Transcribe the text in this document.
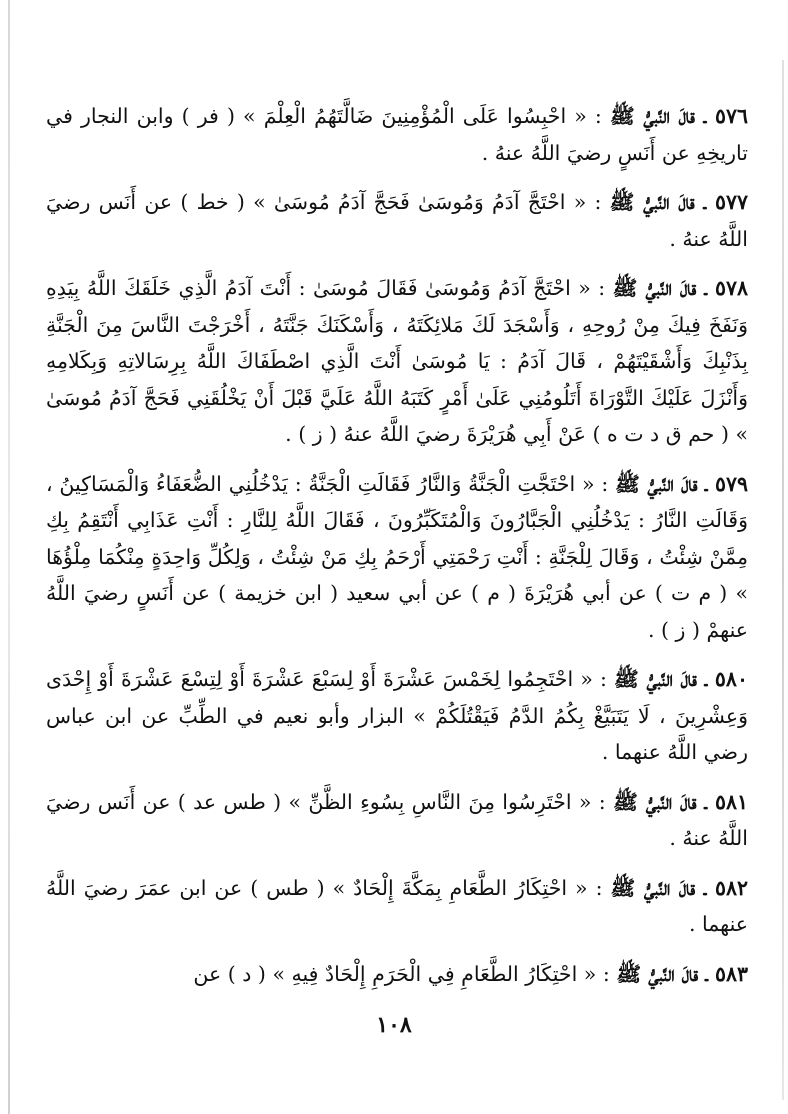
٥٧٦ ـ قالَ النَّبيُّ ﷺ : « احْبِسُوا عَلَى الْمُؤْمِنِينَ ضَالَّتَهُمُ الْعِلْمَ » ( فر ) وابن النجار في تاريخِهِ عن أَنَسٍ رضيَ اللَّهُ عنهُ .

٥٧٧ ـ قالَ النَّبيُّ ﷺ : « احْتَجَّ آدَمُ وَمُوسَىٰ فَحَجَّ آدَمُ مُوسَىٰ » ( خط ) عن أَنَس رضيَ اللَّهُ عنهُ .

٥٧٨ ـ قالَ النَّبيُّ ﷺ : « احْتَجَّ آدَمُ وَمُوسَىٰ فَقَالَ مُوسَىٰ : أَنْتَ آدَمُ الَّذِي خَلَقَكَ اللَّهُ بِيَدِهِ وَنَفَخَ فِيكَ مِنْ رُوحِهِ ، وَأَسْجَدَ لَكَ مَلائِكَتَهُ ، وَأَسْكَنَكَ جَنَّتَهُ ، أَخْرَجْتَ النَّاسَ مِنَ الْجَنَّةِ بِذَنْبِكَ وَأَشْقَيْتَهُمْ ، قَالَ آدَمُ : يَا مُوسَىٰ أَنْتَ الَّذِي اصْطَفَاكَ اللَّهُ بِرِسَالاتِهِ وَبِكَلامِهِ وَأَنْزَلَ عَلَيْكَ التَّوْرَاةَ أَتَلُومُنِي عَلَىٰ أَمْرٍ كَتَبَهُ اللَّهُ عَلَيَّ قَبْلَ أَنْ يَخْلُقَنِي فَحَجَّ آدَمُ مُوسَىٰ » ( حم ق د ت ه ) عَنْ أَبِي هُرَيْرَةَ رضيَ اللَّهُ عنهُ ( ز ) .

٥٧٩ ـ قالَ النَّبيُّ ﷺ : « احْتَجَّتِ الْجَنَّةُ وَالنَّارُ فَقَالَتِ الْجَنَّةُ : يَدْخُلُنِي الضُّعَفَاءُ وَالْمَسَاكِينُ ، وَقَالَتِ النَّارُ : يَدْخُلُنِي الْجَبَّارُونَ وَالْمُتَكَبِّرُونَ ، فَقَالَ اللَّهُ لِلنَّارِ : أَنْتِ عَذَابِي أَنْتَقِمُ بِكِ مِمَّنْ شِئْتُ ، وَقَالَ لِلْجَنَّةِ : أَنْتِ رَحْمَتِي أَرْحَمُ بِكِ مَنْ شِئْتُ ، وَلِكُلِّ وَاحِدَةٍ مِنْكُمَا مِلْؤُهَا » ( م ت ) عن أبي هُرَيْرَةَ ( م ) عن أبي سعيد ( ابن خزيمة ) عن أَنَسٍ رضيَ اللَّهُ عنهمْ ( ز ) .

٥٨٠ ـ قالَ النَّبيُّ ﷺ : « احْتَجِمُوا لِخَمْسَ عَشْرَةَ أَوْ لِسَبْعَ عَشْرَةَ أَوْ لِتِسْعَ عَشْرَةَ أَوْ إِحْدَى وَعِشْرِينَ ، لَا يَتَبَيَّغْ بِكُمُ الدَّمُ فَيَقْتُلَكُمْ » البزار وأبو نعيم في الطِّبِّ عن ابن عباس رضي اللَّهُ عنهما .

٥٨١ ـ قالَ النَّبيُّ ﷺ : « احْتَرِسُوا مِنَ النَّاسِ بِسُوءِ الظَّنِّ » ( طس عد ) عن أَنَس رضيَ اللَّهُ عنهُ .

٥٨٢ ـ قالَ النَّبيُّ ﷺ : « احْتِكَارُ الطَّعَامِ بِمَكَّةَ إِلْحَادٌ » ( طس ) عن ابن عمَرَ رضيَ اللَّهُ عنهما .

٥٨٣ ـ قالَ النَّبيُّ ﷺ : « احْتِكَارُ الطَّعَامِ فِي الْحَرَمِ إِلْحَادٌ فِيهِ » ( د ) عن

١٠٨
